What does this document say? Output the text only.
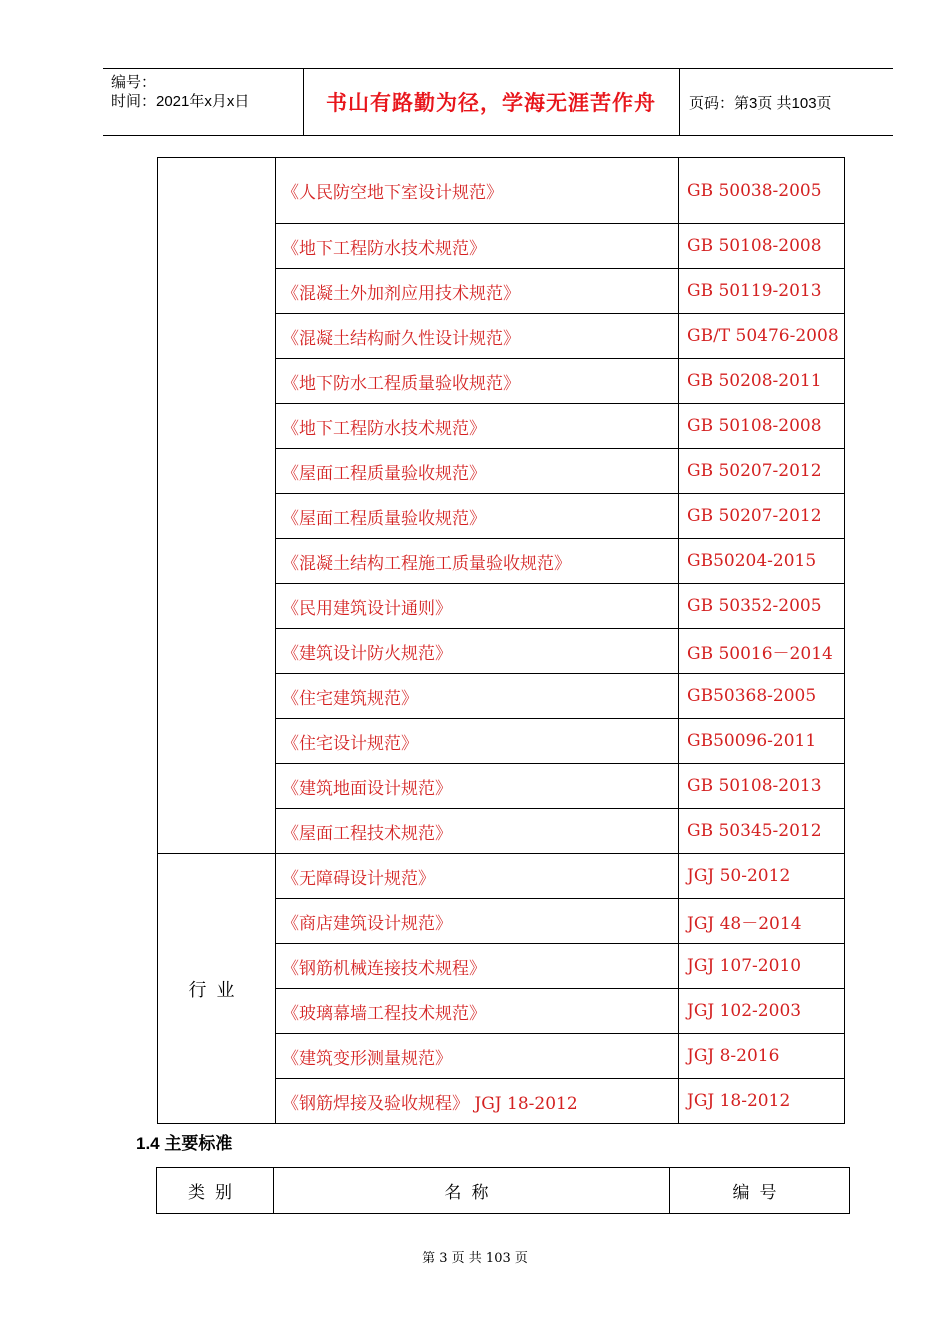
编号：
时间：2021年x月x日	书山有路勤为径，学海无涯苦作舟	页码：第3页 共103页
	《人民防空地下室设计规范》	GB 50038-2005
	《地下工程防水技术规范》	GB 50108-2008
	《混凝土外加剂应用技术规范》	GB 50119-2013
	《混凝土结构耐久性设计规范》	GB/T 50476-2008
	《地下防水工程质量验收规范》	GB 50208-2011
	《地下工程防水技术规范》	GB 50108-2008
	《屋面工程质量验收规范》	GB 50207-2012
	《屋面工程质量验收规范》	GB 50207-2012
	《混凝土结构工程施工质量验收规范》	GB50204-2015
	《民用建筑设计通则》	GB 50352-2005
	《建筑设计防火规范》	GB 50016－2014
	《住宅建筑规范》	GB50368-2005
	《住宅设计规范》	GB50096-2011
	《建筑地面设计规范》	GB 50108-2013
	《屋面工程技术规范》	GB 50345-2012
行业	《无障碍设计规范》	JGJ 50-2012
	《商店建筑设计规范》	JGJ 48－2014
	《钢筋机械连接技术规程》	JGJ 107-2010
	《玻璃幕墙工程技术规范》	JGJ 102-2003
	《建筑变形测量规范》	JGJ 8-2016
	《钢筋焊接及验收规程》 JGJ 18-2012	JGJ 18-2012
1.4 主要标准
类别	名称	编号
第 3 页 共 103 页
